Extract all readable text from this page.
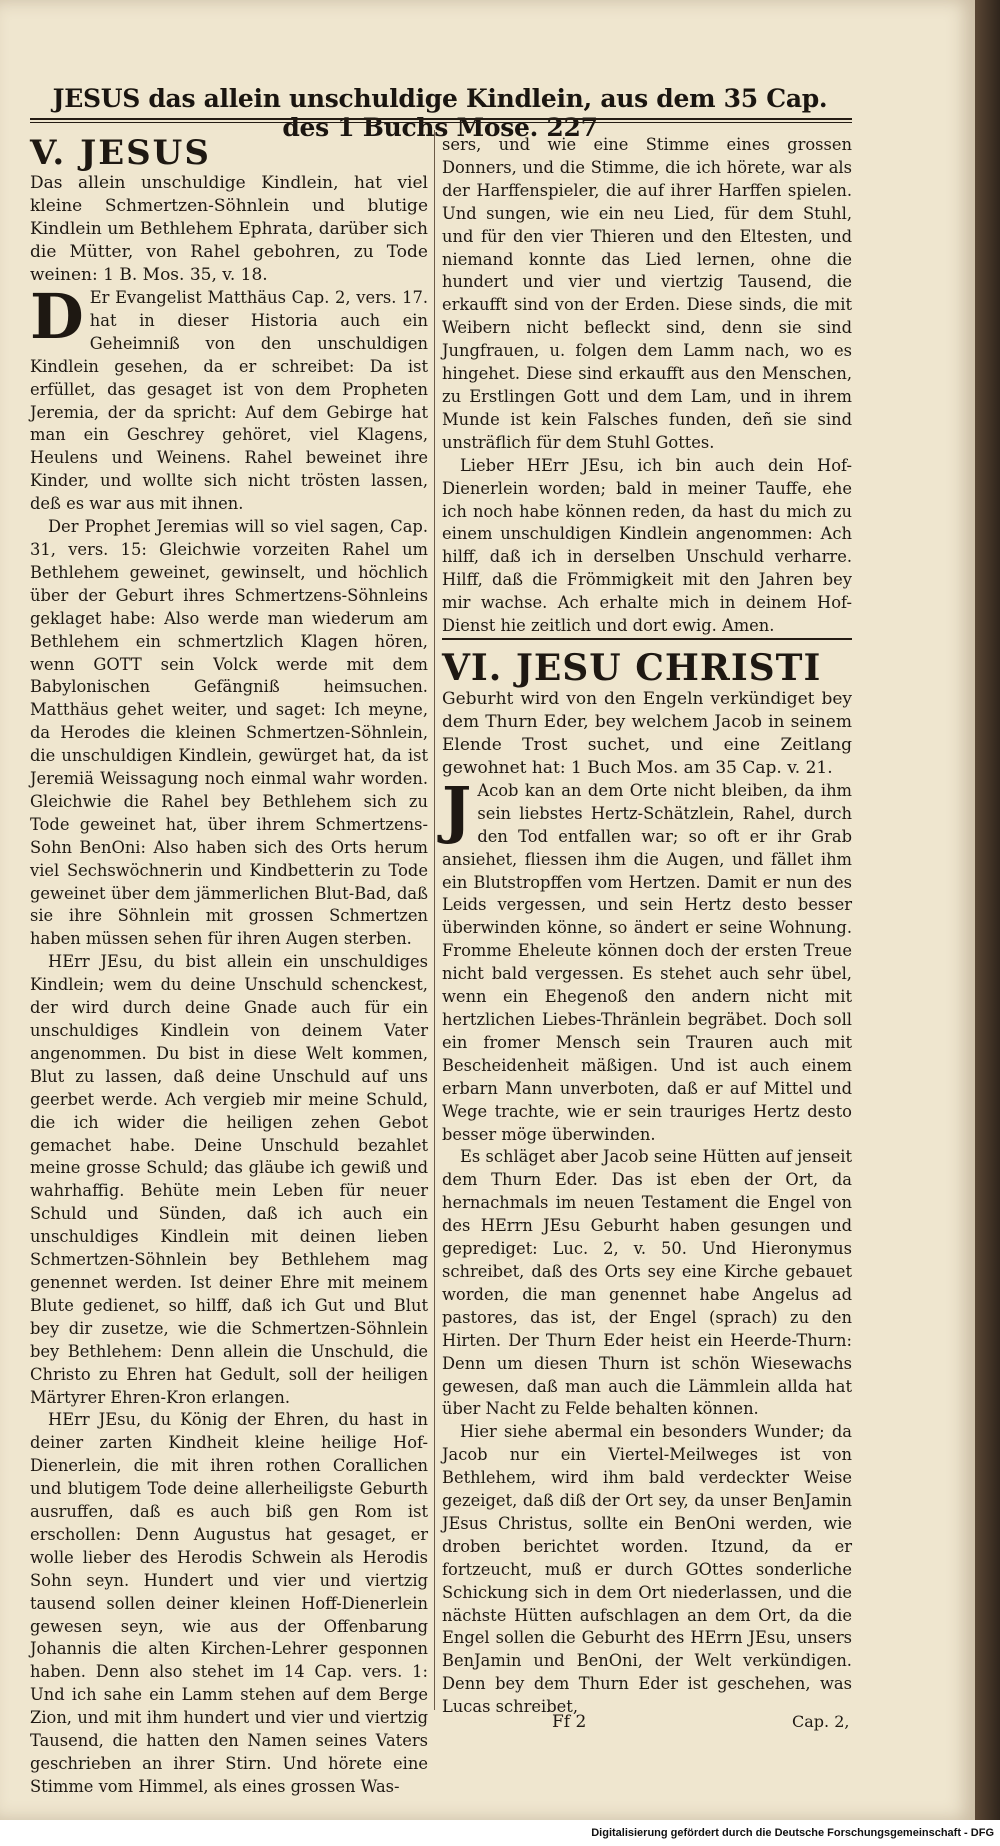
JESUS das allein unschuldige Kindlein, aus dem 35 Cap. des 1 Buchs Mose. 227

V. JESUS

Das allein unschuldige Kindlein, hat viel kleine Schmertzen-Söhnlein und blutige Kindlein um Bethlehem Ephrata, darüber sich die Mütter, von Rahel gebohren, zu Tode weinen: 1 B. Mos. 35, v. 18.

D Er Evangelist Matthäus Cap. 2, vers. 17. hat in dieser Historia auch ein Geheimniß von den unschuldigen Kindlein gesehen, da er schreibet: Da ist erfüllet, das gesaget ist von dem Propheten Jeremia, der da spricht: Auf dem Gebirge hat man ein Geschrey gehöret, viel Klagens, Heulens und Weinens. Rahel beweinet ihre Kinder, und wollte sich nicht trösten lassen, deß es war aus mit ihnen.

Der Prophet Jeremias will so viel sagen, Cap. 31, vers. 15: Gleichwie vorzeiten Rahel um Bethlehem geweinet, gewinselt, und höchlich über der Geburt ihres Schmertzens-Söhnleins geklaget habe: Also werde man wiederum am Bethlehem ein schmertzlich Klagen hören, wenn GOTT sein Volck werde mit dem Babylonischen Gefängniß heimsuchen. Matthäus gehet weiter, und saget: Ich meyne, da Herodes die kleinen Schmertzen-Söhnlein, die unschuldigen Kindlein, gewürget hat, da ist Jeremiä Weissagung noch einmal wahr worden. Gleichwie die Rahel bey Bethlehem sich zu Tode geweinet hat, über ihrem Schmertzens-Sohn BenOni: Also haben sich des Orts herum viel Sechswöchnerin und Kindbetterin zu Tode geweinet über dem jämmerlichen Blut-Bad, daß sie ihre Söhnlein mit grossen Schmertzen haben müssen sehen für ihren Augen sterben.

HErr JEsu, du bist allein ein unschuldiges Kindlein; wem du deine Unschuld schenckest, der wird durch deine Gnade auch für ein unschuldiges Kindlein von deinem Vater angenommen. Du bist in diese Welt kommen, Blut zu lassen, daß deine Unschuld auf uns geerbet werde. Ach vergieb mir meine Schuld, die ich wider die heiligen zehen Gebot gemachet habe. Deine Unschuld bezahlet meine grosse Schuld; das gläube ich gewiß und wahrhaffig. Behüte mein Leben für neuer Schuld und Sünden, daß ich auch ein unschuldiges Kindlein mit deinen lieben Schmertzen-Söhnlein bey Bethlehem mag genennet werden. Ist deiner Ehre mit meinem Blute gedienet, so hilff, daß ich Gut und Blut bey dir zusetze, wie die Schmertzen-Söhnlein bey Bethlehem: Denn allein die Unschuld, die Christo zu Ehren hat Gedult, soll der heiligen Märtyrer Ehren-Kron erlangen.

HErr JEsu, du König der Ehren, du hast in deiner zarten Kindheit kleine heilige Hof-Dienerlein, die mit ihren rothen Corallichen und blutigem Tode deine allerheiligste Geburth ausruffen, daß es auch biß gen Rom ist erschollen: Denn Augustus hat gesaget, er wolle lieber des Herodis Schwein als Herodis Sohn seyn. Hundert und vier und viertzig tausend sollen deiner kleinen Hoff-Dienerlein gewesen seyn, wie aus der Offenbarung Johannis die alten Kirchen-Lehrer gesponnen haben. Denn also stehet im 14 Cap. vers. 1: Und ich sahe ein Lamm stehen auf dem Berge Zion, und mit ihm hundert und vier und viertzig Tausend, die hatten den Namen seines Vaters geschrieben an ihrer Stirn. Und hörete eine Stimme vom Himmel, als eines grossen Was-

sers, und wie eine Stimme eines grossen Donners, und die Stimme, die ich hörete, war als der Harffenspieler, die auf ihrer Harffen spielen. Und sungen, wie ein neu Lied, für dem Stuhl, und für den vier Thieren und den Eltesten, und niemand konnte das Lied lernen, ohne die hundert und vier und viertzig Tausend, die erkaufft sind von der Erden. Diese sinds, die mit Weibern nicht befleckt sind, denn sie sind Jungfrauen, u. folgen dem Lamm nach, wo es hingehet. Diese sind erkaufft aus den Menschen, zu Erstlingen Gott und dem Lam, und in ihrem Munde ist kein Falsches funden, deñ sie sind unsträflich für dem Stuhl Gottes.

Lieber HErr JEsu, ich bin auch dein Hof-Dienerlein worden; bald in meiner Tauffe, ehe ich noch habe können reden, da hast du mich zu einem unschuldigen Kindlein angenommen: Ach hilff, daß ich in derselben Unschuld verharre. Hilff, daß die Frömmigkeit mit den Jahren bey mir wachse. Ach erhalte mich in deinem Hof-Dienst hie zeitlich und dort ewig. Amen.

VI. JESU CHRISTI

Geburht wird von den Engeln verkündiget bey dem Thurn Eder, bey welchem Jacob in seinem Elende Trost suchet, und eine Zeitlang gewohnet hat: 1 Buch Mos. am 35 Cap. v. 21.

J Acob kan an dem Orte nicht bleiben, da ihm sein liebstes Hertz-Schätzlein, Rahel, durch den Tod entfallen war; so oft er ihr Grab ansiehet, fliessen ihm die Augen, und fället ihm ein Blutstropffen vom Hertzen. Damit er nun des Leids vergessen, und sein Hertz desto besser überwinden könne, so ändert er seine Wohnung. Fromme Eheleute können doch der ersten Treue nicht bald vergessen. Es stehet auch sehr übel, wenn ein Ehegenoß den andern nicht mit hertzlichen Liebes-Thränlein begräbet. Doch soll ein fromer Mensch sein Trauren auch mit Bescheidenheit mäßigen. Und ist auch einem erbarn Mann unverboten, daß er auf Mittel und Wege trachte, wie er sein trauriges Hertz desto besser möge überwinden.

Es schläget aber Jacob seine Hütten auf jenseit dem Thurn Eder. Das ist eben der Ort, da hernachmals im neuen Testament die Engel von des HErrn JEsu Geburht haben gesungen und geprediget: Luc. 2, v. 50. Und Hieronymus schreibet, daß des Orts sey eine Kirche gebauet worden, die man genennet habe Angelus ad pastores, das ist, der Engel (sprach) zu den Hirten. Der Thurn Eder heist ein Heerde-Thurn: Denn um diesen Thurn ist schön Wiesewachs gewesen, daß man auch die Lämmlein allda hat über Nacht zu Felde behalten können.

Hier siehe abermal ein besonders Wunder; da Jacob nur ein Viertel-Meilweges ist von Bethlehem, wird ihm bald verdeckter Weise gezeiget, daß diß der Ort sey, da unser BenJamin JEsus Christus, sollte ein BenOni werden, wie droben berichtet worden. Itzund, da er fortzeucht, muß er durch GOttes sonderliche Schickung sich in dem Ort niederlassen, und die nächste Hütten aufschlagen an dem Ort, da die Engel sollen die Geburht des HErrn JEsu, unsers BenJamin und BenOni, der Welt verkündigen. Denn bey dem Thurn Eder ist geschehen, was Lucas schreibet,

Ff 2	Cap. 2,
Digitalisierung gefördert durch die Deutsche Forschungsgemeinschaft - DFG
